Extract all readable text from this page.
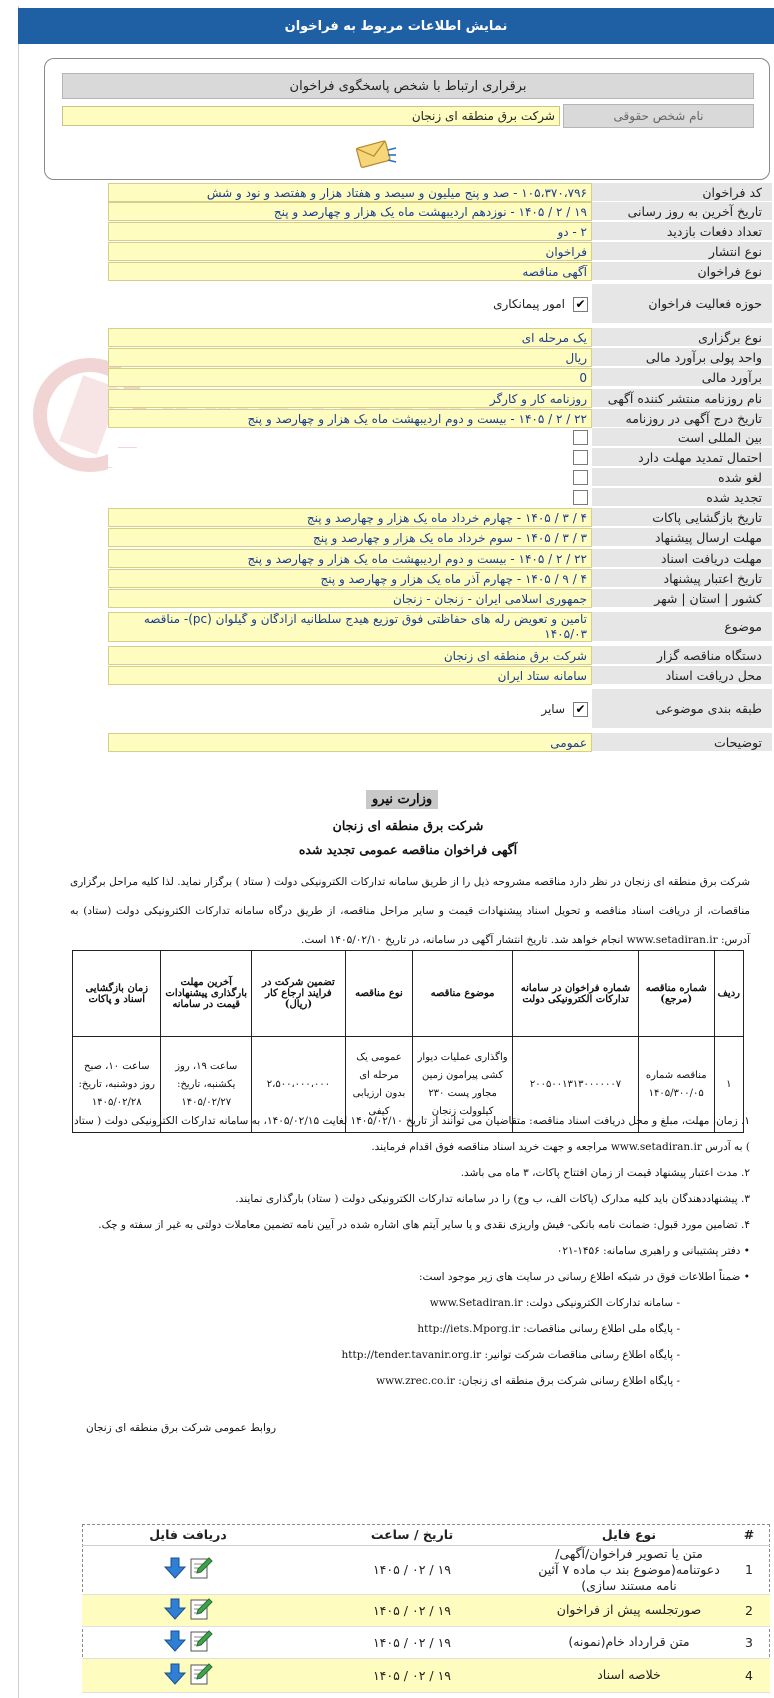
نمایش اطلاعات مربوط به فراخوان
برقراری ارتباط با شخص پاسخگوی فراخوان
نام شخص حقوقی
شرکت برق منطقه ای زنجان
کد فراخوان
۱۰۵،۳۷۰،۷۹۶ - صد و پنج میلیون و سیصد و هفتاد هزار و هفتصد و نود و شش
تاریخ آخرین به روز رسانی
۱۹ / ۲ / ۱۴۰۵ - نوزدهم اردیبهشت ماه یک هزار و چهارصد و پنج
تعداد دفعات بازدید
۲ - دو
نوع انتشار
فراخوان
نوع فراخوان
آگهی مناقصه
حوزه فعالیت فراخوان
✔
امور پیمانکاری
نوع برگزاری
یک مرحله ای
واحد پولی برآورد مالی
ریال
برآورد مالی
0
نام روزنامه منتشر کننده آگهی
روزنامه کار و کارگر
تاریخ درج آگهی در روزنامه
۲۲ / ۲ / ۱۴۰۵ - بیست و دوم اردیبهشت ماه یک هزار و چهارصد و پنج
بین المللی است
احتمال تمدید مهلت دارد
لغو شده
تجدید شده
تاریخ بازگشایی پاکات
۴ / ۳ / ۱۴۰۵ - چهارم خرداد ماه یک هزار و چهارصد و پنج
مهلت ارسال پیشنهاد
۳ / ۳ / ۱۴۰۵ - سوم خرداد ماه یک هزار و چهارصد و پنج
مهلت دریافت اسناد
۲۲ / ۲ / ۱۴۰۵ - بیست و دوم اردیبهشت ماه یک هزار و چهارصد و پنج
تاریخ اعتبار پیشنهاد
۴ / ۹ / ۱۴۰۵ - چهارم آذر ماه یک هزار و چهارصد و پنج
کشور | استان | شهر
جمهوری اسلامی ایران - زنجان - زنجان
موضوع
تامین و تعویض رله های حفاظتی فوق توزیع هیدج سلطانیه آزادگان و گیلوان (pc)- مناقصه ۱۴۰۵/۰۳
دستگاه مناقصه گزار
شرکت برق منطقه ای زنجان
محل دریافت اسناد
سامانه ستاد ایران
طبقه بندی موضوعی
✔
سایر
توضیحات
عمومی
وزارت نیرو
شرکت برق منطقه ای زنجان
آگهی فراخوان مناقصه عمومی تجدید شده
شرکت برق منطقه ای زنجان در نظر دارد مناقصه مشروحه ذیل را از طریق سامانه تدارکات الکترونیکی دولت ( ستاد ) برگزار نماید. لذا کلیه مراحل برگزاری مناقصات، از دریافت اسناد مناقصه و تحویل اسناد پیشنهادات قیمت و سایر مراحل مناقصه، از طریق درگاه سامانه تدارکات الکترونیکی دولت (ستاد) به آدرس: www.setadiran.ir انجام خواهد شد. تاریخ انتشار آگهی در سامانه، در تاریخ ۱۴۰۵/۰۲/۱۰ است.
ردیف	شماره مناقصه (مرجع)	شماره فراخوان در سامانه تدارکات الکترونیکی دولت	موضوع مناقصه	نوع مناقصه	تضمین شرکت در فرایند ارجاع کار (ریال)	آخرین مهلت بارگذاری پیشنهادات قیمت در سامانه	زمان بازگشایی اسناد و پاکات
۱	مناقصه شماره ۱۴۰۵/۳۰۰/۰۵	۲۰۰۵۰۰۱۳۱۳۰۰۰۰۰۰۷	واگذاری عملیات دیوار کشی پیرامون زمین مجاور پست ۲۳۰ کیلوولت زنجان	عمومی یک مرحله ای بدون ارزیابی کیفی	۲،۵۰۰،۰۰۰،۰۰۰	ساعت ۱۹، روز یکشنبه، تاریخ: ۱۴۰۵/۰۲/۲۷	ساعت ۱۰، صبح روز دوشنبه، تاریخ: ۱۴۰۵/۰۲/۲۸
۱. زمان، مهلت، مبلغ و محل دریافت اسناد مناقصه: متقاضیان می توانند از تاریخ ۱۴۰۵/۰۲/۱۰ لغایت ۱۴۰۵/۰۲/۱۵، به سامانه تدارکات الکترونیکی دولت ( ستاد ) به آدرس www.setadiran.ir مراجعه و جهت خرید اسناد مناقصه فوق اقدام فرمایند.
۲. مدت اعتبار پیشنهاد قیمت از زمان افتتاح پاکات، ۳ ماه می باشد.
۳. پیشنهاددهندگان باید کلیه مدارک (پاکات الف، ب وج) را در سامانه تدارکات الکترونیکی دولت ( ستاد) بارگذاری نمایند.
۴. تضامین مورد قبول: ضمانت نامه بانکی- فیش واریزی نقدی و یا سایر آیتم های اشاره شده در آیین نامه تضمین معاملات دولتی به غیر از سفته و چک.
• دفتر پشتیبانی و راهبری سامانه: ۱۴۵۶-۰۲۱
• ضمناً اطلاعات فوق در شبکه اطلاع رسانی در سایت های زیر موجود است:
- سامانه تدارکات الکترونیکی دولت: www.Setadiran.ir
- پایگاه ملی اطلاع رسانی مناقصات: http://iets.Mporg.ir
- پایگاه اطلاع رسانی مناقصات شرکت توانیر: http://tender.tavanir.org.ir
- پایگاه اطلاع رسانی شرکت برق منطقه ای زنجان: www.zrec.co.ir
روابط عمومی شرکت برق منطقه ای زنجان
#	نوع فایل	تاریخ / ساعت	دریافت فایل
1	متن یا تصویر فراخوان/آگهی/دعوتنامه(موضوع بند ب ماده ۷ آئین نامه مستند سازی)	۱۹ / ۰۲ / ۱۴۰۵	

2	صورتجلسه پیش از فراخوان	۱۹ / ۰۲ / ۱۴۰۵	

3	متن قرارداد خام(نمونه)	۱۹ / ۰۲ / ۱۴۰۵	

4	خلاصه اسناد	۱۹ / ۰۲ / ۱۴۰۵	
